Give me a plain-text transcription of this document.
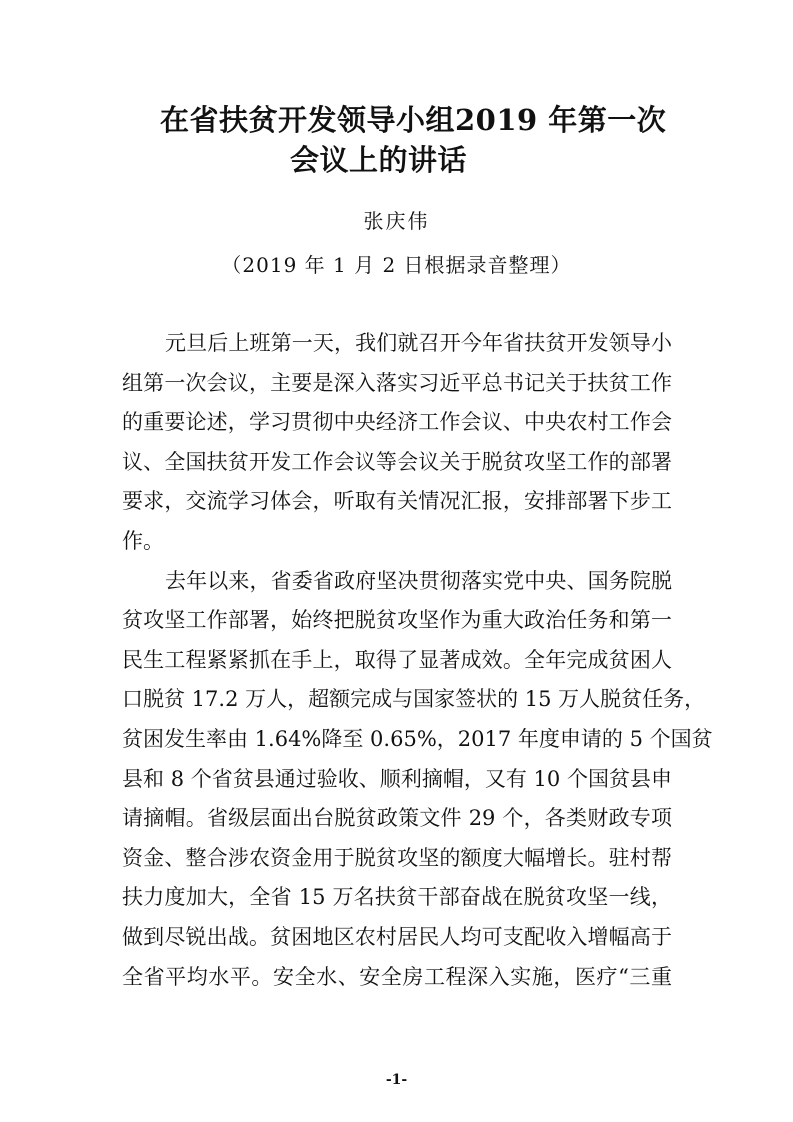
在省扶贫开发领导小组2019 年第一次
会议上的讲话
张庆伟
（2019 年 1 月 2 日根据录音整理）
元旦后上班第一天，我们就召开今年省扶贫开发领导小
组第一次会议，主要是深入落实习近平总书记关于扶贫工作
的重要论述，学习贯彻中央经济工作会议、中央农村工作会
议、全国扶贫开发工作会议等会议关于脱贫攻坚工作的部署
要求，交流学习体会，听取有关情况汇报，安排部署下步工
作。
去年以来，省委省政府坚决贯彻落实党中央、国务院脱
贫攻坚工作部署，始终把脱贫攻坚作为重大政治任务和第一
民生工程紧紧抓在手上，取得了显著成效。全年完成贫困人
口脱贫 17.2 万人，超额完成与国家签状的 15 万人脱贫任务，
贫困发生率由 1.64%降至 0.65%，2017 年度申请的 5 个国贫
县和 8 个省贫县通过验收、顺利摘帽，又有 10 个国贫县申
请摘帽。省级层面出台脱贫政策文件 29 个，各类财政专项
资金、整合涉农资金用于脱贫攻坚的额度大幅增长。驻村帮
扶力度加大，全省 15 万名扶贫干部奋战在脱贫攻坚一线，
做到尽锐出战。贫困地区农村居民人均可支配收入增幅高于
全省平均水平。安全水、安全房工程深入实施，医疗“三重
-1-
